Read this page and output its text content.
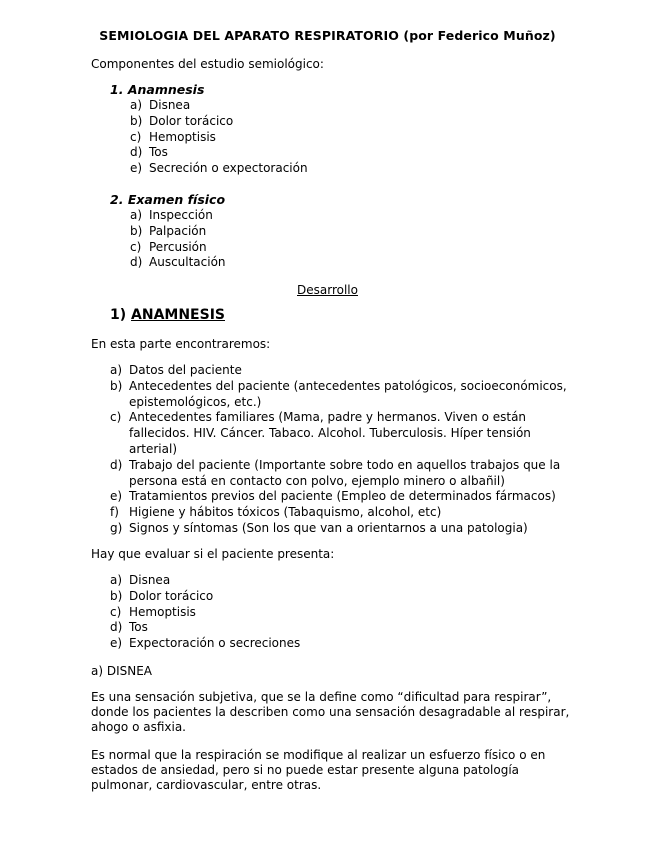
SEMIOLOGIA DEL APARATO RESPIRATORIO (por Federico Muñoz)
Componentes del estudio semiológico:
1. Anamnesis
a) Disnea
b) Dolor torácico
c) Hemoptisis
d) Tos
e) Secreción o expectoración
2. Examen físico
a) Inspección
b) Palpación
c) Percusión
d) Auscultación
Desarrollo
1) ANAMNESIS
En esta parte encontraremos:
a) Datos del paciente
b) Antecedentes del paciente (antecedentes patológicos, socioeconómicos, epistemológicos, etc.)
c) Antecedentes familiares (Mama, padre y hermanos. Viven o están fallecidos. HIV. Cáncer. Tabaco. Alcohol. Tuberculosis. Híper tensión arterial)
d) Trabajo del paciente (Importante sobre todo en aquellos trabajos que la persona está en contacto con polvo, ejemplo minero o albañil)
e) Tratamientos previos del paciente (Empleo de determinados fármacos)
f) Higiene y hábitos tóxicos (Tabaquismo, alcohol, etc)
g) Signos y síntomas (Son los que van a orientarnos a una patologia)
Hay que evaluar si el paciente presenta:
a) Disnea
b) Dolor torácico
c) Hemoptisis
d) Tos
e) Expectoración o secreciones
a) DISNEA
Es una sensación subjetiva, que se la define como “dificultad para respirar”, donde los pacientes la describen como una sensación desagradable al respirar, ahogo o asfixia.
Es normal que la respiración se modifique al realizar un esfuerzo físico o en estados de ansiedad, pero si no puede estar presente alguna patología pulmonar, cardiovascular, entre otras.
